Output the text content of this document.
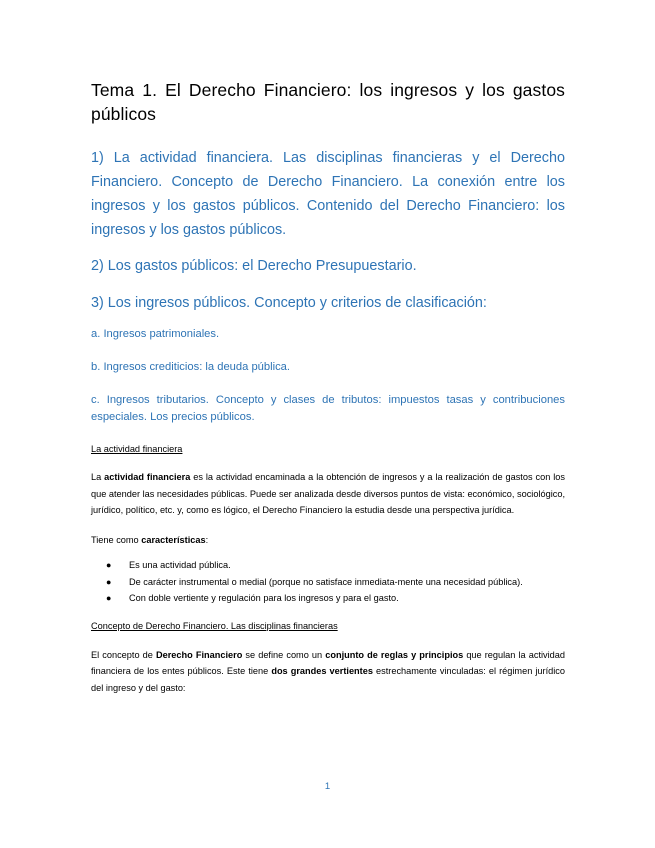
Tema 1. El Derecho Financiero: los ingresos y los gastos públicos

1) La actividad financiera. Las disciplinas financieras y el Derecho Financiero. Concepto de Derecho Financiero. La conexión entre los ingresos y los gastos públicos. Contenido del Derecho Financiero: los ingresos y los gastos públicos.

2) Los gastos públicos: el Derecho Presupuestario.

3) Los ingresos públicos. Concepto y criterios de clasificación:

a. Ingresos patrimoniales.

b. Ingresos crediticios: la deuda pública.

c. Ingresos tributarios. Concepto y clases de tributos: impuestos tasas y contribuciones especiales. Los precios públicos.

La actividad financiera

La actividad financiera es la actividad encaminada a la obtención de ingresos y a la realización de gastos con los que atender las necesidades públicas. Puede ser analizada desde diversos puntos de vista: económico, sociológico, jurídico, político, etc. y, como es lógico, el Derecho Financiero la estudia desde una perspectiva jurídica.

Tiene como características:

● Es una actividad pública.
● De carácter instrumental o medial (porque no satisface inmediata-mente una necesidad pública).
● Con doble vertiente y regulación para los ingresos y para el gasto.

Concepto de Derecho Financiero. Las disciplinas financieras

El concepto de Derecho Financiero se define como un conjunto de reglas y principios que regulan la actividad financiera de los entes públicos. Este tiene dos grandes vertientes estrechamente vinculadas: el régimen jurídico del ingreso y del gasto:

1
